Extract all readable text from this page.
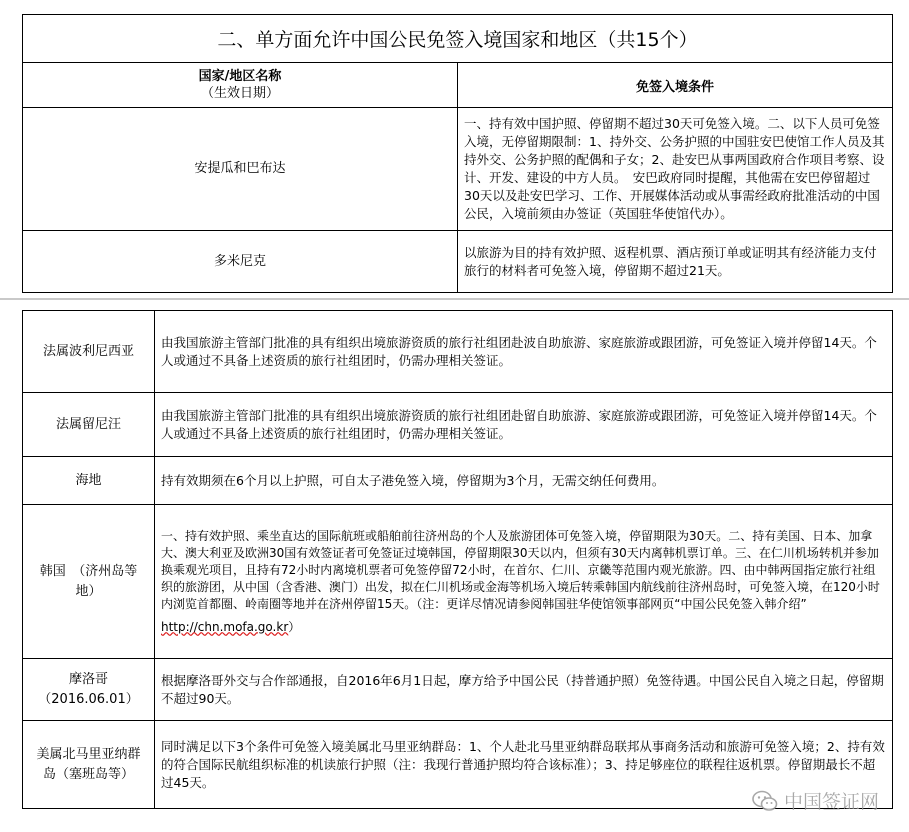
二、单方面允许中国公民免签入境国家和地区（共15个）	

国家/地区名称
（生效日期）	免签入境条件
安提瓜和巴布达	一、持有效中国护照、停留期不超过30天可免签入境。二、以下人员可免签入境，无停留期限制：1、持外交、公务护照的中国驻安巴使馆工作人员及其持外交、公务护照的配偶和子女；2、赴安巴从事两国政府合作项目考察、设计、开发、建设的中方人员。　安巴政府同时提醒，其他需在安巴停留超过30天以及赴安巴学习、工作、开展媒体活动或从事需经政府批准活动的中国公民，入境前须由办签证（英国驻华使馆代办）。
多米尼克	以旅游为目的持有效护照、返程机票、酒店预订单或证明其有经济能力支付旅行的材料者可免签入境，停留期不超过21天。
法属波利尼西亚	由我国旅游主管部门批准的具有组织出境旅游资质的旅行社组团赴波自助旅游、家庭旅游或跟团游，可免签证入境并停留14天。个人或通过不具备上述资质的旅行社组团时，仍需办理相关签证。
法属留尼汪	由我国旅游主管部门批准的具有组织出境旅游资质的旅行社组团赴留自助旅游、家庭旅游或跟团游，可免签证入境并停留14天。个人或通过不具备上述资质的旅行社组团时，仍需办理相关签证。
海地	持有效期须在6个月以上护照，可自太子港免签入境，停留期为3个月，无需交纳任何费用。
韩国　（济州岛等地）	一、持有效护照、乘坐直达的国际航班或船舶前往济州岛的个人及旅游团体可免签入境，停留期限为30天。二、持有美国、日本、加拿大、澳大利亚及欧洲30国有效签证者可免签证过境韩国，停留期限30天以内，但须有30天内离韩机票订单。三、在仁川机场转机并参加换乘观光项目，且持有72小时内离境机票者可免签停留72小时，在首尔、仁川、京畿等范围内观光旅游。四、由中韩两国指定旅行社组织的旅游团，从中国（含香港、澳门）出发，拟在仁川机场或金海等机场入境后转乘韩国内航线前往济州岛时，可免签入境，在120小时内浏览首都圈、岭南圈等地并在济州停留15天。（注：更详尽情况请参阅韩国驻华使馆领事部网页“中国公民免签入韩介绍”
http://chn.mofa.go.kr）

摩洛哥
（2016.06.01）	根据摩洛哥外交与合作部通报，自2016年6月1日起，摩方给予中国公民（持普通护照）免签待遇。中国公民自入境之日起，停留期不超过90天。
美属北马里亚纳群岛（塞班岛等）	同时满足以下3个条件可免签入境美属北马里亚纳群岛：1、个人赴北马里亚纳群岛联邦从事商务活动和旅游可免签入境；2、持有效的符合国际民航组织标准的机读旅行护照（注：我现行普通护照均符合该标准）；3、持足够座位的联程往返机票。停留期最长不超过45天。
中国签证网
